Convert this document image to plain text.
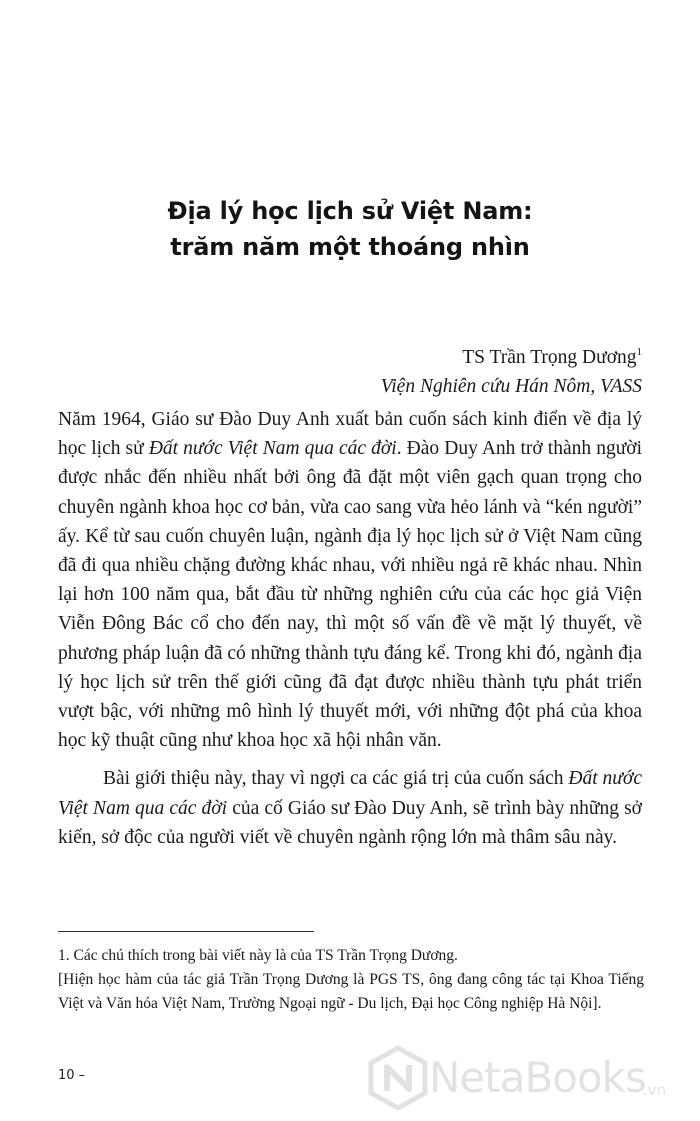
Địa lý học lịch sử Việt Nam:
trăm năm một thoáng nhìn
TS Trần Trọng Dương$^1$
Viện Nghiên cứu Hán Nôm, VASS

Năm 1964, Giáo sư Đào Duy Anh xuất bản cuốn sách kinh điển về địa lý học lịch sử Đất nước Việt Nam qua các đời. Đào Duy Anh trở thành người được nhắc đến nhiều nhất bởi ông đã đặt một viên gạch quan trọng cho chuyên ngành khoa học cơ bản, vừa cao sang vừa hẻo lánh và “kén người” ấy. Kể từ sau cuốn chuyên luận, ngành địa lý học lịch sử ở Việt Nam cũng đã đi qua nhiều chặng đường khác nhau, với nhiều ngả rẽ khác nhau. Nhìn lại hơn 100 năm qua, bắt đầu từ những nghiên cứu của các học giả Viện Viễn Đông Bác cổ cho đến nay, thì một số vấn đề về mặt lý thuyết, về phương pháp luận đã có những thành tựu đáng kể. Trong khi đó, ngành địa lý học lịch sử trên thế giới cũng đã đạt được nhiều thành tựu phát triển vượt bậc, với những mô hình lý thuyết mới, với những đột phá của khoa học kỹ thuật cũng như khoa học xã hội nhân văn.

Bài giới thiệu này, thay vì ngợi ca các giá trị của cuốn sách Đất nước Việt Nam qua các đời của cố Giáo sư Đào Duy Anh, sẽ trình bày những sở kiến, sở độc của người viết về chuyên ngành rộng lớn mà thâm sâu này.

1. Các chú thích trong bài viết này là của TS Trần Trọng Dương.

[Hiện học hàm của tác giả Trần Trọng Dương là PGS TS, ông đang công tác tại Khoa Tiếng Việt và Văn hóa Việt Nam, Trường Ngoại ngữ - Du lịch, Đại học Công nghiệp Hà Nội].

10 –	NetaBooks
.vn
